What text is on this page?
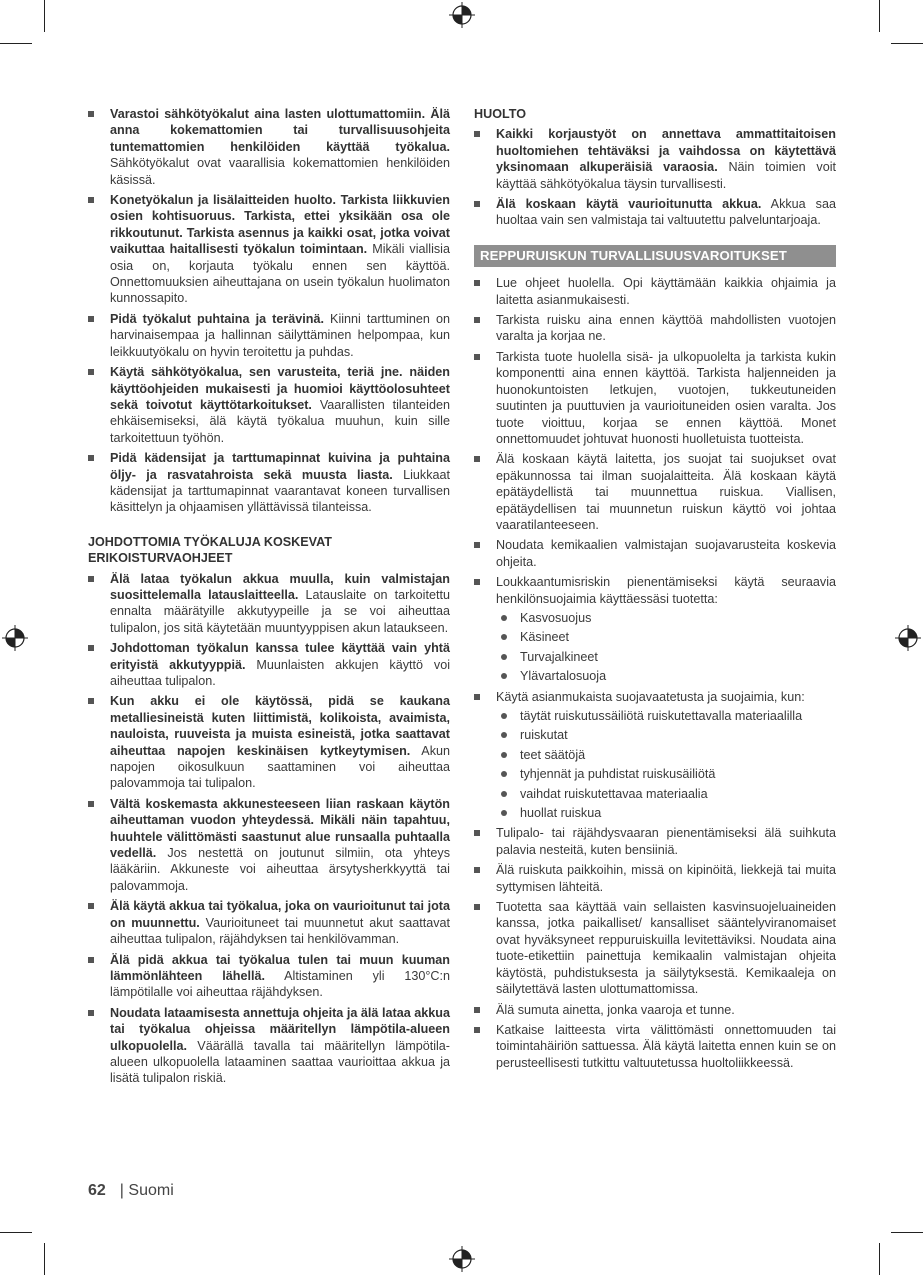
Varastoi sähkötyökalut aina lasten ulottumattomiin. Älä anna kokemattomien tai turvallisuusohjeita tuntemattomien henkilöiden käyttää työkalua. Sähkötyökalut ovat vaarallisia kokemattomien henkilöiden käsissä.
Konetyökalun ja lisälaitteiden huolto. Tarkista liikkuvien osien kohtisuoruus. Tarkista, ettei yksikään osa ole rikkoutunut. Tarkista asennus ja kaikki osat, jotka voivat vaikuttaa haitallisesti työkalun toimintaan. Mikäli viallisia osia on, korjauta työkalu ennen sen käyttöä. Onnettomuuksien aiheuttajana on usein työkalun huolimaton kunnossapito.
Pidä työkalut puhtaina ja terävinä. Kiinni tarttuminen on harvinaisempaa ja hallinnan säilyttäminen helpompaa, kun leikkuutyökalu on hyvin teroitettu ja puhdas.
Käytä sähkötyökalua, sen varusteita, teriä jne. näiden käyttöohjeiden mukaisesti ja huomioi käyttöolosuhteet sekä toivotut käyttötarkoitukset. Vaarallisten tilanteiden ehkäisemiseksi, älä käytä työkalua muuhun, kuin sille tarkoitettuun työhön.
Pidä kädensijat ja tarttumapinnat kuivina ja puhtaina öljy- ja rasvatahroista sekä muusta liasta. Liukkaat kädensijat ja tarttumapinnat vaarantavat koneen turvallisen käsittelyn ja ohjaamisen yllättävissä tilanteissa.
JOHDOTTOMIA TYÖKALUJA KOSKEVAT ERIKOISTURVAOHJEET
Älä lataa työkalun akkua muulla, kuin valmistajan suosittelemalla latauslaitteella. Latauslaite on tarkoitettu ennalta määrätyille akkutyypeille ja se voi aiheuttaa tulipalon, jos sitä käytetään muuntyyppisen akun lataukseen.
Johdottoman työkalun kanssa tulee käyttää vain yhtä erityistä akkutyyppiä. Muunlaisten akkujen käyttö voi aiheuttaa tulipalon.
Kun akku ei ole käytössä, pidä se kaukana metalliesineistä kuten liittimistä, kolikoista, avaimista, nauloista, ruuveista ja muista esineistä, jotka saattavat aiheuttaa napojen keskinäisen kytkeytymisen. Akun napojen oikosulkuun saattaminen voi aiheuttaa palovammoja tai tulipalon.
Vältä koskemasta akkunesteeseen liian raskaan käytön aiheuttaman vuodon yhteydessä. Mikäli näin tapahtuu, huuhtele välittömästi saastunut alue runsaalla puhtaalla vedellä. Jos nestettä on joutunut silmiin, ota yhteys lääkäriin. Akkuneste voi aiheuttaa ärsytysherkkyyttä tai palovammoja.
Älä käytä akkua tai työkalua, joka on vaurioitunut tai jota on muunnettu. Vaurioituneet tai muunnetut akut saattavat aiheuttaa tulipalon, räjähdyksen tai henkilövamman.
Älä pidä akkua tai työkalua tulen tai muun kuuman lämmönlähteen lähellä. Altistaminen yli 130°C:n lämpötilalle voi aiheuttaa räjähdyksen.
Noudata lataamisesta annettuja ohjeita ja älä lataa akkua tai työkalua ohjeissa määritellyn lämpötila-alueen ulkopuolella. Väärällä tavalla tai määritellyn lämpötila-alueen ulkopuolella lataaminen saattaa vaurioittaa akkua ja lisätä tulipalon riskiä.
HUOLTO
Kaikki korjaustyöt on annettava ammattitaitoisen huoltomiehen tehtäväksi ja vaihdossa on käytettävä yksinomaan alkuperäisiä varaosia. Näin toimien voit käyttää sähkötyökalua täysin turvallisesti.
Älä koskaan käytä vaurioitunutta akkua. Akkua saa huoltaa vain sen valmistaja tai valtuutettu palveluntarjoaja.
REPPURUISKUN TURVALLISUUSVAROITUKSET
Lue ohjeet huolella. Opi käyttämään kaikkia ohjaimia ja laitetta asianmukaisesti.
Tarkista ruisku aina ennen käyttöä mahdollisten vuotojen varalta ja korjaa ne.
Tarkista tuote huolella sisä- ja ulkopuolelta ja tarkista kukin komponentti aina ennen käyttöä. Tarkista haljenneiden ja huonokuntoisten letkujen, vuotojen, tukkeutuneiden suutinten ja puuttuvien ja vaurioituneiden osien varalta. Jos tuote vioittuu, korjaa se ennen käyttöä. Monet onnettomuudet johtuvat huonosti huolletuista tuotteista.
Älä koskaan käytä laitetta, jos suojat tai suojukset ovat epäkunnossa tai ilman suojalaitteita. Älä koskaan käytä epätäydellistä tai muunnettua ruiskua. Viallisen, epätäydellisen tai muunnetun ruiskun käyttö voi johtaa vaaratilanteeseen.
Noudata kemikaalien valmistajan suojavarusteita koskevia ohjeita.
Loukkaantumisriskin pienentämiseksi käytä seuraavia henkilönsuojaimia käyttäessäsi tuotetta:
Kasvosuojus
Käsineet
Turvajalkineet
Ylävartalosuoja
Käytä asianmukaista suojavaatetusta ja suojaimia, kun:
täytät ruiskutussäiliötä ruiskutettavalla materiaalilla
ruiskutat
teet säätöjä
tyhjennät ja puhdistat ruiskusäiliötä
vaihdat ruiskutettavaa materiaalia
huollat ruiskua
Tulipalo- tai räjähdysvaaran pienentämiseksi älä suihkuta palavia nesteitä, kuten bensiiniä.
Älä ruiskuta paikkoihin, missä on kipinöitä, liekkejä tai muita syttymisen lähteitä.
Tuotetta saa käyttää vain sellaisten kasvinsuojeluaineiden kanssa, jotka paikalliset/ kansalliset sääntelyviranomaiset ovat hyväksyneet reppuruiskuilla levitettäviksi. Noudata aina tuote-etikettiin painettuja kemikaalin valmistajan ohjeita käytöstä, puhdistuksesta ja säilytyksestä. Kemikaaleja on säilytettävä lasten ulottumattomissa.
Älä sumuta ainetta, jonka vaaroja et tunne.
Katkaise laitteesta virta välittömästi onnettomuuden tai toimintahäiriön sattuessa. Älä käytä laitetta ennen kuin se on perusteellisesti tutkittu valtuutetussa huoltoliikkeessä.
62 | Suomi
